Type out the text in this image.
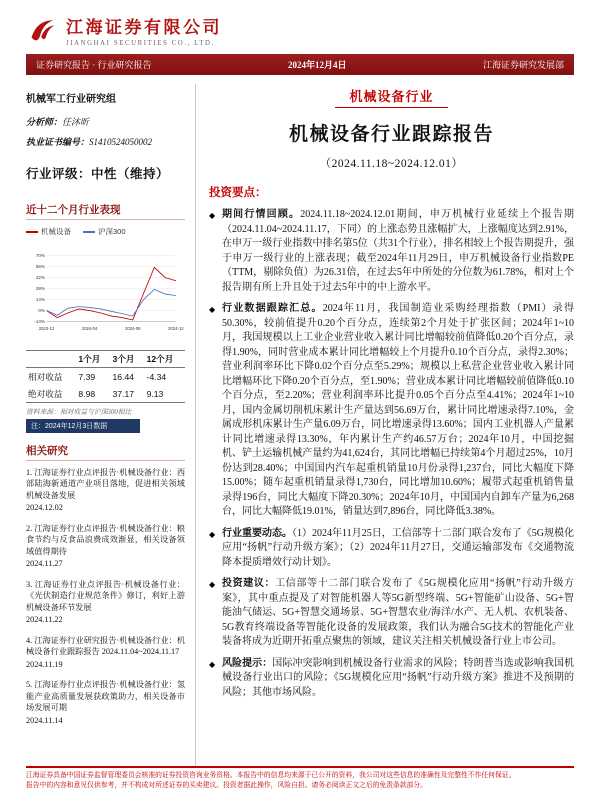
江海证券有限公司
JIANGHAI SECURITIES CO., LTD.
证券研究报告 · 行业研究报告	2024年12月4日	江海证券研究发展部
机械军工行业研究组
分析师：任沐昕
执业证书编号：S1410524050002
行业评级：中性（维持）
近十二个月行业表现
机械设备	沪深300
70%
56%
42%
28%
14%
0%
-14%
2023-12	2024-04	2024-08	2024-12
	1个月	3个月	12个月
相对收益	7.39	16.44	-4.34
绝对收益	8.98	37.17	9.13
资料来源：相对收益与沪深300相比
注：2024年12月3日数据
相关研究
1. 江海证券行业点评报告·机械设备行业：西部陆海新通道产业项目落地，促进相关领域机械设备发展
2024.12.02
2. 江海证券行业点评报告·机械设备行业：粮食节约与反食品浪费成效渐显，相关设备领域值得期待
2024.11.27
3. 江海证券行业点评报告·机械设备行业：《光伏制造行业规范条件》修订，利好上游机械设备环节发展
2024.11.22
4. 江海证券行业研究报告·机械设备行业：机械设备行业跟踪报告 2024.11.04~2024.11.17
2024.11.19
5. 江海证券行业点评报告·机械设备行业：氢能产业高质量发展获政策助力，相关设备市场发展可期
2024.11.14
机械设备行业
机械设备行业跟踪报告
（2024.11.18~2024.12.01）
投资要点：

◆ 期间行情回顾。2024.11.18~2024.12.01期间，申万机械行业延续上个报告期（2024.11.04~2024.11.17，下同）的上涨态势且涨幅扩大，上涨幅度达到2.91%，在申万一级行业指数中排名第5位（共31个行业），排名相较上个报告期提升，强于申万一级行业的上涨表现；截至2024年11月29日，申万机械设备行业指数PE（TTM，剔除负值）为26.31倍，在过去5年中所处的分位数为61.78%，相对上个报告期有所上升且处于过去5年中的中上游水平。

◆ 行业数据跟踪汇总。2024年11月，我国制造业采购经理指数（PMI）录得50.30%，较前值提升0.20个百分点，连续第2个月处于扩张区间；2024年1~10月，我国规模以上工业企业营业收入累计同比增幅较前值降低0.20个百分点，录得1.90%，同时营业成本累计同比增幅较上个月提升0.10个百分点，录得2.30%；营业利润率环比下降0.02个百分点至5.29%；规模以上私营企业营业收入累计同比增幅环比下降0.20个百分点，至1.90%；营业成本累计同比增幅较前值降低0.10个百分点，至2.20%；营业利润率环比提升0.05个百分点至4.41%；2024年1~10月，国内金属切削机床累计生产量达到56.69万台，累计同比增速录得7.10%，金属成形机床累计生产量6.09万台，同比增速录得13.60%；国内工业机器人产量累计同比增速录得13.30%，年内累计生产约46.57万台；2024年10月，中国挖掘机、铲土运输机械产量约为41,624台，其同比增幅已持续第4个月超过25%，10月份达到28.40%；中国国内汽车起重机销量10月份录得1,237台，同比大幅度下降15.00%；随车起重机销量录得1,730台，同比增加10.60%；履带式起重机销售量录得196台，同比大幅度下降20.30%；2024年10月，中国国内自卸车产量为6,268台，同比大幅降低19.01%，销量达到7,896台，同比降低3.38%。

◆ 行业重要动态。（1）2024年11月25日，工信部等十二部门联合发布了《5G规模化应用“扬帆”行动升级方案》；（2）2024年11月27日，交通运输部发布《交通物流降本提质增效行动计划》。

◆ 投资建议：工信部等十二部门联合发布了《5G规模化应用“扬帆”行动升级方案》，其中重点提及了对智能机器人等5G新型终端、5G+智能矿山设备、5G+智能油气储运、5G+智慧交通场景、5G+智慧农业/海洋/水产、无人机、农机装备、5G教育终端设备等智能化设备的发展政策，我们认为融合5G技术的智能化产业装备将成为近期开拓重点聚焦的领域，建议关注相关机械设备行业上市公司。

◆ 风险提示：国际冲突影响到机械设备行业需求的风险；特朗普当选或影响我国机械设备行业出口的风险；《5G规模化应用“扬帆”行动升级方案》推进不及预期的风险；其他市场风险。

江海证券具备中国证券监督管理委员会核准的证券投资咨询业务资格。本报告中的信息均来源于已公开的资料，我公司对这些信息的准确性及完整性不作任何保证。

报告中的内容和意见仅供参考，并不构成对所述证券的买卖建议。投资者据此操作，风险自担。请务必阅读正文之后的免责条款部分。
